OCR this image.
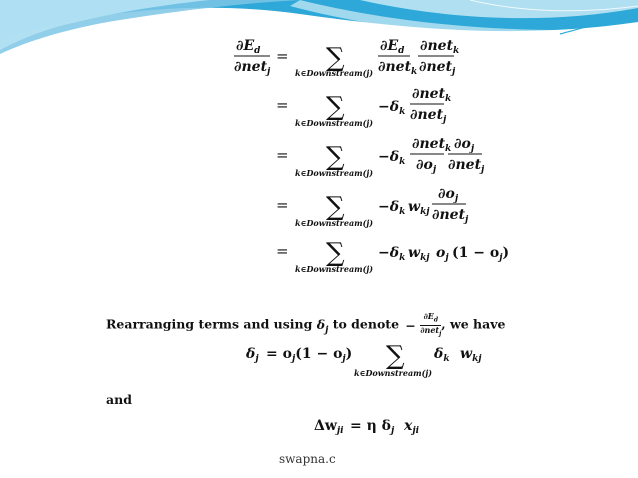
$\partial E_d$
∂net$_j$
= ∑
k∈Downstream(j)
$\partial E_d$
∂net$_k$
∂net$_k$
∂net$_j$
= ∑
k∈Downstream(j)
$-\delta_k$
∂net$_k$
∂net$_j$
= ∑
k∈Downstream(j)
$-\delta_k$
∂net$_k$
$\partial o_j$
$\partial o_j$
∂net$_j$
= ∑
k∈Downstream(j)
$-\delta_k$ $w_{kj}$
$\partial o_j$
∂net$_j$
= ∑
k∈Downstream(j)
$-\delta_k$ $w_{kj}$ $o_j$ $(1 - o_j)$
Rearranging terms and using $\delta_j$ to denote −
$\partial E_d$
∂net$_j$
, we have
$\delta_j = o_j(1 - o_j)$ ∑
k∈Downstream(j)
$\delta_k$ $w_{kj}$
and
$\Delta w_{ji} = \eta$ $\delta_j$ $x_{ji}$
swapna.c
